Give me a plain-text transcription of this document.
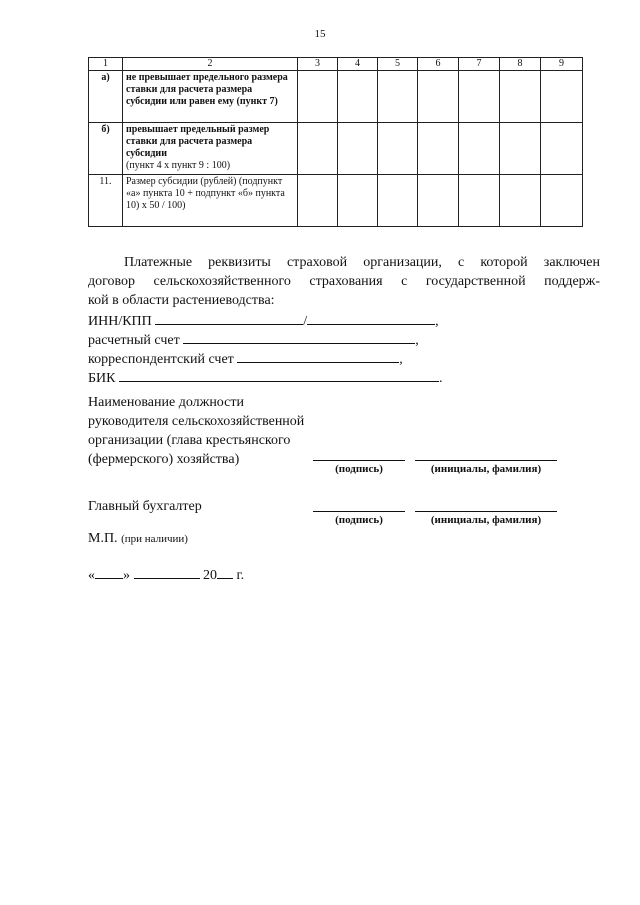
15
1	2	3	4	5	6	7	8	9
а)	не превышает предельного размера ставки для расчета размера субсидии или равен ему (пункт 7)							
б)	превышает предельный размер ставки для расчета размера субсидии
(пункт 4 х пункт 9 : 100)							
11.	Размер субсидии (рублей) (подпункт «а» пункта 10 + подпункт «б» пункта 10) х 50 / 100)							
Платежные реквизиты страховой организации, с которой заключен
договор сельскохозяйственного страхования с государственной поддерж-
кой в области растениеводства:
ИНН/КПП	/	,
расчетный счет	,
корреспондентский счет	,
БИК	.
Наименование должности
руководителя сельскохозяйственной
организации (глава крестьянского
(фермерского) хозяйства)
(подпись)	(инициалы, фамилия)
Главный бухгалтер
(подпись)	(инициалы, фамилия)
М.П. (при наличии)
« »	20 г.
